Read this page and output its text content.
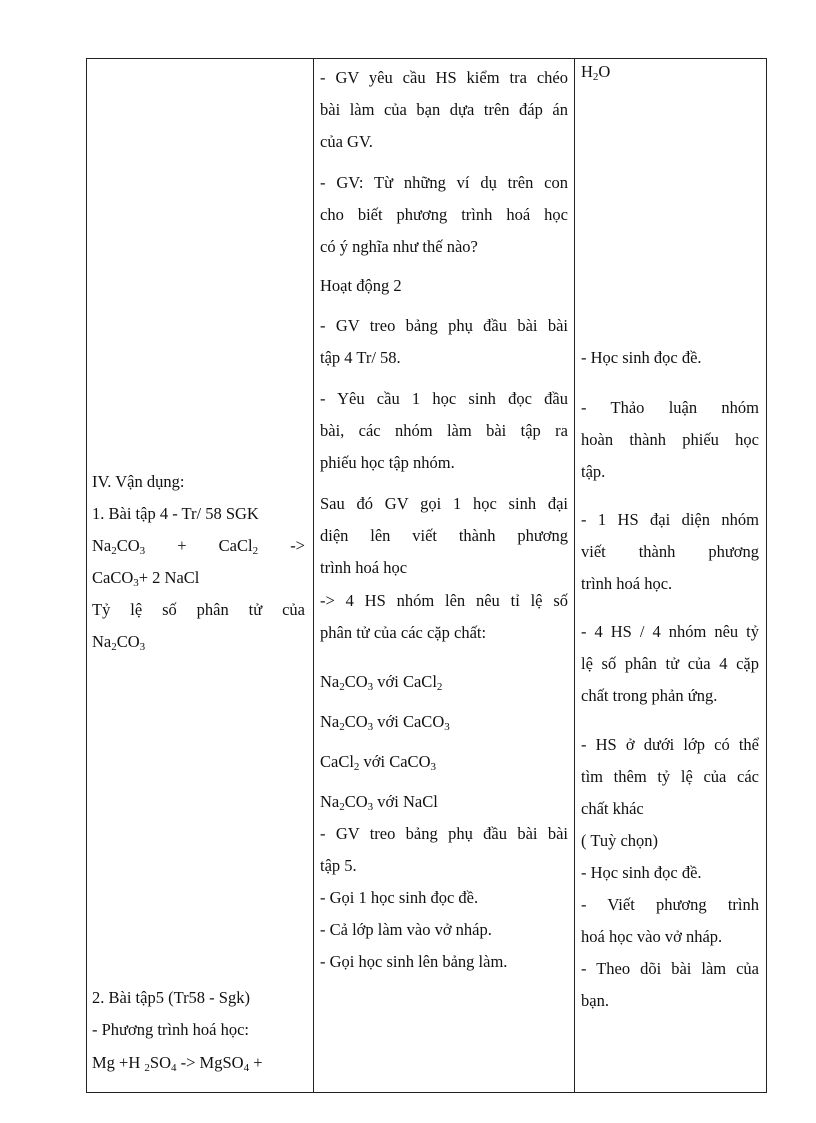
IV. Vận dụng:
1. Bài tập 4 - Tr/ 58 SGK
$Na_2CO_3$ + CaCl$_2$ ->
CaCO$_3$+ 2 NaCl
Tỷ lệ số phân tử của
$Na_2CO_3$
2. Bài tập5 (Tr58 - Sgk)
- Phương trình hoá học:
Mg +H $_2SO_4$ -> MgSO$_4$ +
- GV yêu cầu HS kiểm tra chéo
bài làm của bạn dựa trên đáp án
của GV.
- GV: Từ những ví dụ trên con
cho biết phương trình hoá học
có ý nghĩa như thế nào?
Hoạt động 2
- GV treo bảng phụ đầu bài bài
tập 4 Tr/ 58.
- Yêu cầu 1 học sinh đọc đầu
bài, các nhóm làm bài tập ra
phiếu học tập nhóm.
Sau đó GV gọi 1 học sinh đại
diện lên viết thành phương
trình hoá học
-> 4 HS nhóm lên nêu tỉ lệ số
phân tử của các cặp chất:
$Na_2CO_3$ với CaCl$_2$
$Na_2CO_3$ với CaCO$_3$
CaCl$_2$ với CaCO$_3$
$Na_2CO_3$ với NaCl
- GV treo bảng phụ đầu bài bài
tập 5.
- Gọi 1 học sinh đọc đề.
- Cả lớp làm vào vở nháp.
- Gọi học sinh lên bảng làm.
$H_2O$
- Học sinh đọc đề.
- Thảo luận nhóm
hoàn thành phiếu học
tập.
- 1 HS đại diện nhóm
viết thành phương
trình hoá học.
- 4 HS / 4 nhóm nêu tỷ
lệ số phân tử của 4 cặp
chất trong phản ứng.
- HS ở dưới lớp có thể
tìm thêm tỷ lệ của các
chất khác
( Tuỳ chọn)
- Học sinh đọc đề.
- Viết phương trình
hoá học vào vở nháp.
- Theo dõi bài làm của
bạn.
